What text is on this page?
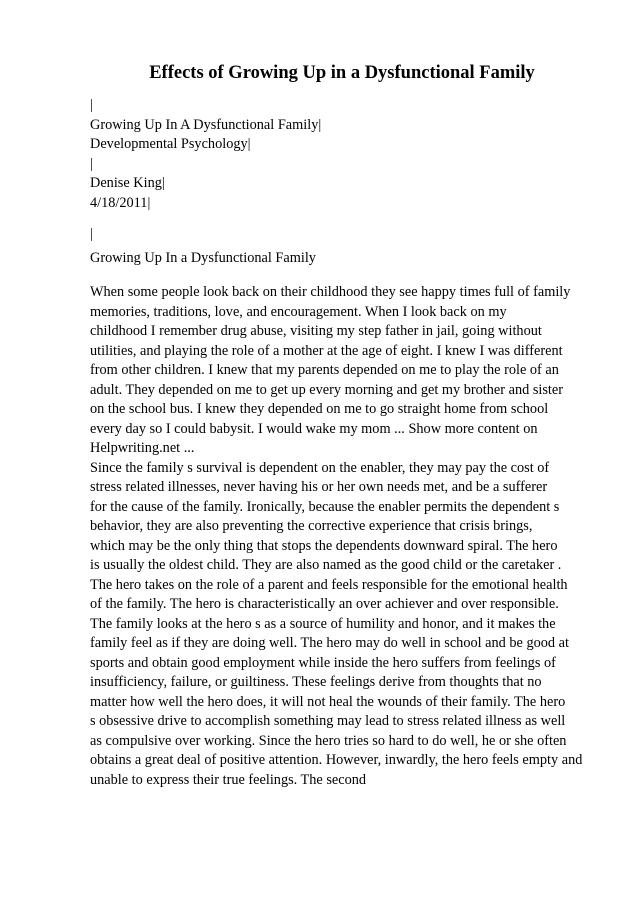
Effects of Growing Up in a Dysfunctional Family
|
Growing Up In A Dysfunctional Family|
Developmental Psychology|
|
Denise King|
4/18/2011|
|
Growing Up In a Dysfunctional Family
When some people look back on their childhood they see happy times full of family
memories, traditions, love, and encouragement. When I look back on my
childhood I remember drug abuse, visiting my step father in jail, going without
utilities, and playing the role of a mother at the age of eight. I knew I was different
from other children. I knew that my parents depended on me to play the role of an
adult. They depended on me to get up every morning and get my brother and sister
on the school bus. I knew they depended on me to go straight home from school
every day so I could babysit. I would wake my mom ... Show more content on
Helpwriting.net ...
Since the family s survival is dependent on the enabler, they may pay the cost of
stress related illnesses, never having his or her own needs met, and be a sufferer
for the cause of the family. Ironically, because the enabler permits the dependent s
behavior, they are also preventing the corrective experience that crisis brings,
which may be the only thing that stops the dependents downward spiral. The hero
is usually the oldest child. They are also named as the good child or the caretaker .
The hero takes on the role of a parent and feels responsible for the emotional health
of the family. The hero is characteristically an over achiever and over responsible.
The family looks at the hero s as a source of humility and honor, and it makes the
family feel as if they are doing well. The hero may do well in school and be good at
sports and obtain good employment while inside the hero suffers from feelings of
insufficiency, failure, or guiltiness. These feelings derive from thoughts that no
matter how well the hero does, it will not heal the wounds of their family. The hero
s obsessive drive to accomplish something may lead to stress related illness as well
as compulsive over working. Since the hero tries so hard to do well, he or she often
obtains a great deal of positive attention. However, inwardly, the hero feels empty and
unable to express their true feelings. The second
